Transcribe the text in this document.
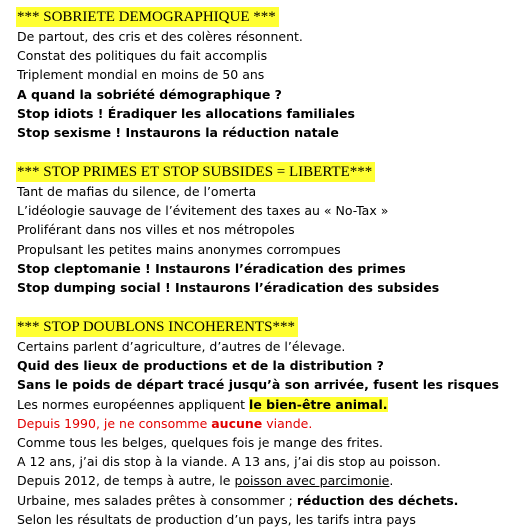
*** SOBRIETE DEMOGRAPHIQUE ***
De partout, des cris et des colères résonnent.
Constat des politiques du fait accomplis
Triplement mondial en moins de 50 ans
A quand la sobriété démographique ?
Stop idiots ! Éradiquer les allocations familiales
Stop sexisme ! Instaurons la réduction natale
*** STOP PRIMES ET STOP SUBSIDES = LIBERTE***
Tant de mafias du silence, de l’omerta
L’idéologie sauvage de l’évitement des taxes au « No-Tax »
Proliférant dans nos villes et nos métropoles
Propulsant les petites mains anonymes corrompues
Stop cleptomanie ! Instaurons l’éradication des primes
Stop dumping social ! Instaurons l’éradication des subsides
*** STOP DOUBLONS INCOHERENTS***
Certains parlent d’agriculture, d’autres de l’élevage.
Quid des lieux de productions et de la distribution ?
Sans le poids de départ tracé jusqu’à son arrivée, fusent les risques
Les normes européennes appliquent le bien-être animal.
Depuis 1990, je ne consomme aucune viande.
Comme tous les belges, quelques fois je mange des frites.
A 12 ans, j’ai dis stop à la viande. A 13 ans, j’ai dis stop au poisson.
Depuis 2012, de temps à autre, le poisson avec parcimonie.
Urbaine, mes salades prêtes à consommer ; réduction des déchets.
Selon les résultats de production d’un pays, les tarifs intra pays
